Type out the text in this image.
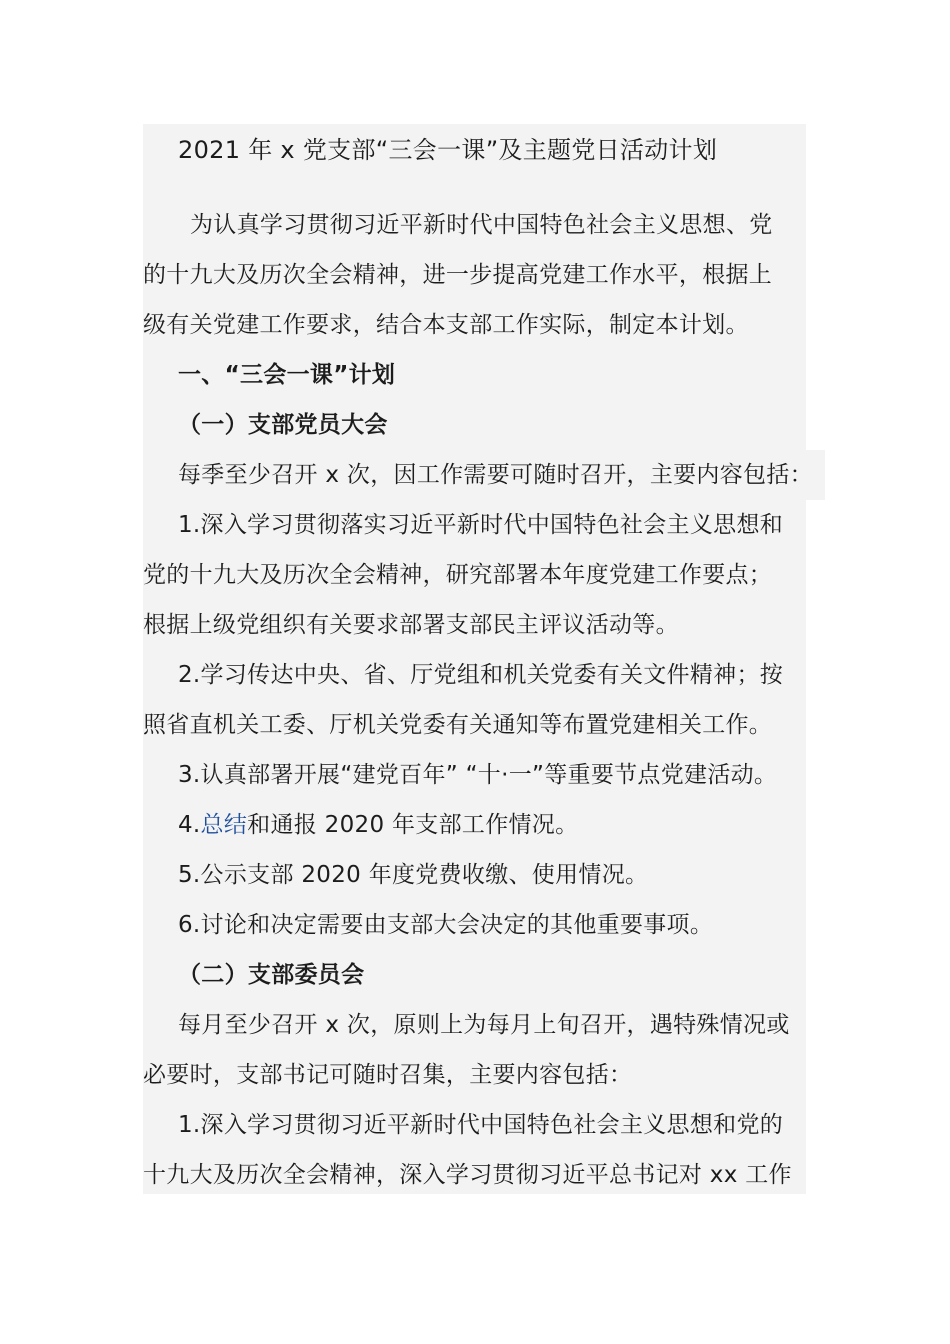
2021 年 x 党支部“三会一课”及主题党日活动计划
为认真学习贯彻习近平新时代中国特色社会主义思想、党
的十九大及历次全会精神，进一步提高党建工作水平，根据上
级有关党建工作要求，结合本支部工作实际，制定本计划。
一、“三会一课”计划
（一）支部党员大会
每季至少召开 x 次，因工作需要可随时召开，主要内容包括：
1.深入学习贯彻落实习近平新时代中国特色社会主义思想和
党的十九大及历次全会精神，研究部署本年度党建工作要点；
根据上级党组织有关要求部署支部民主评议活动等。
2.学习传达中央、省、厅党组和机关党委有关文件精神；按
照省直机关工委、厅机关党委有关通知等布置党建相关工作。
3.认真部署开展“建党百年” “十·一”等重要节点党建活动。
4.总结和通报 2020 年支部工作情况。
5.公示支部 2020 年度党费收缴、使用情况。
6.讨论和决定需要由支部大会决定的其他重要事项。
（二）支部委员会
每月至少召开 x 次，原则上为每月上旬召开，遇特殊情况或
必要时，支部书记可随时召集，主要内容包括：
1.深入学习贯彻习近平新时代中国特色社会主义思想和党的
十九大及历次全会精神，深入学习贯彻习近平总书记对 xx 工作
